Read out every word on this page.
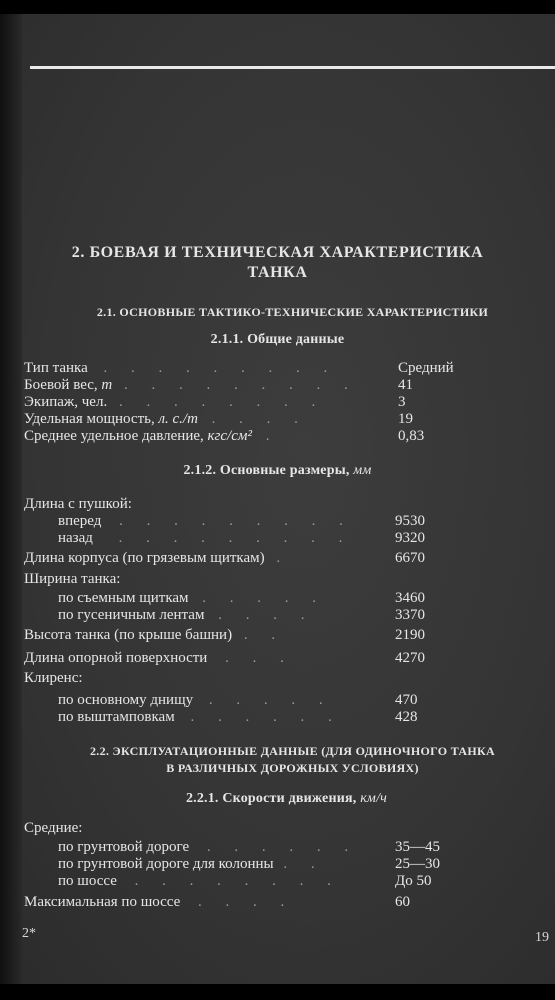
2. БОЕВАЯ И ТЕХНИЧЕСКАЯ ХАРАКТЕРИСТИКА
ТАНКА
2.1. ОСНОВНЫЕ ТАКТИКО-ТЕХНИЧЕСКИЕ ХАРАКТЕРИСТИКИ
2.1.1. Общие данные
Тип танка . . . . . . . . .	Средний
Боевой вес, т . . . . . . . . .	41
Экипаж, чел. . . . . . . . .	3
Удельная мощность, л. с./т . . . .	19
Среднее удельное давление, кгс/см² .	0,83
2.1.2. Основные размеры, мм
Длина с пушкой:
вперед . . . . . . . . .	9530
назад . . . . . . . . .	9320
Длина корпуса (по грязевым щиткам) .	6670
Ширина танка:
по съемным щиткам . . . . .	3460
по гусеничным лентам . . . .	3370
Высота танка (по крыше башни) . .	2190
Длина опорной поверхности . . .	4270
Клиренс:
по основному днищу . . . . .	470
по выштамповкам . . . . . .	428
2.2. ЭКСПЛУАТАЦИОННЫЕ ДАННЫЕ (ДЛЯ ОДИНОЧНОГО ТАНКА
В РАЗЛИЧНЫХ ДОРОЖНЫХ УСЛОВИЯХ)
2.2.1. Скорости движения, км/ч
Средние:
по грунтовой дороге . . . . . . 35—45
по грунтовой дороге для колонны . .	25—30
по шоссе . . . . . . . .	До 50
Максимальная по шоссе . . . .	60
2*	19
